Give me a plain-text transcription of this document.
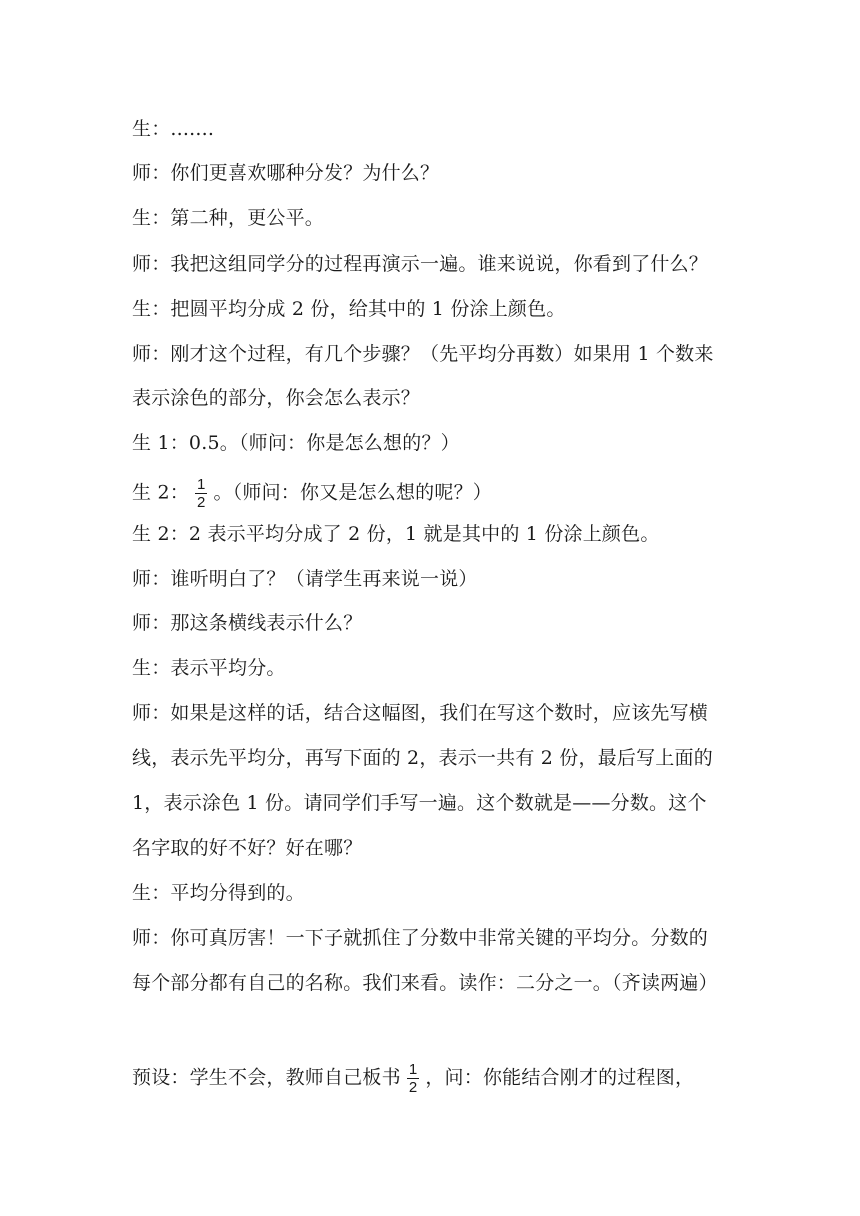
生：.......
师：你们更喜欢哪种分发？为什么？
生：第二种，更公平。
师：我把这组同学分的过程再演示一遍。谁来说说，你看到了什么？
生：把圆平均分成 2 份，给其中的 1 份涂上颜色。
师：刚才这个过程，有几个步骤？（先平均分再数）如果用 1 个数来
表示涂色的部分，你会怎么表示？
生 1：0.5。（师问：你是怎么想的？）
生 2： $\frac{1}{2}$ 。（师问：你又是怎么想的呢？）
生 2：2 表示平均分成了 2 份，1 就是其中的 1 份涂上颜色。
师：谁听明白了？（请学生再来说一说）
师：那这条横线表示什么？
生：表示平均分。
师：如果是这样的话，结合这幅图，我们在写这个数时，应该先写横
线，表示先平均分，再写下面的 2，表示一共有 2 份，最后写上面的
1，表示涂色 1 份。请同学们手写一遍。这个数就是——分数。这个
名字取的好不好？好在哪？
生：平均分得到的。
师：你可真厉害！一下子就抓住了分数中非常关键的平均分。分数的
每个部分都有自己的名称。我们来看。读作：二分之一。（齐读两遍）
预设：学生不会，教师自己板书 $\frac{1}{2}$ ，问：你能结合刚才的过程图，
